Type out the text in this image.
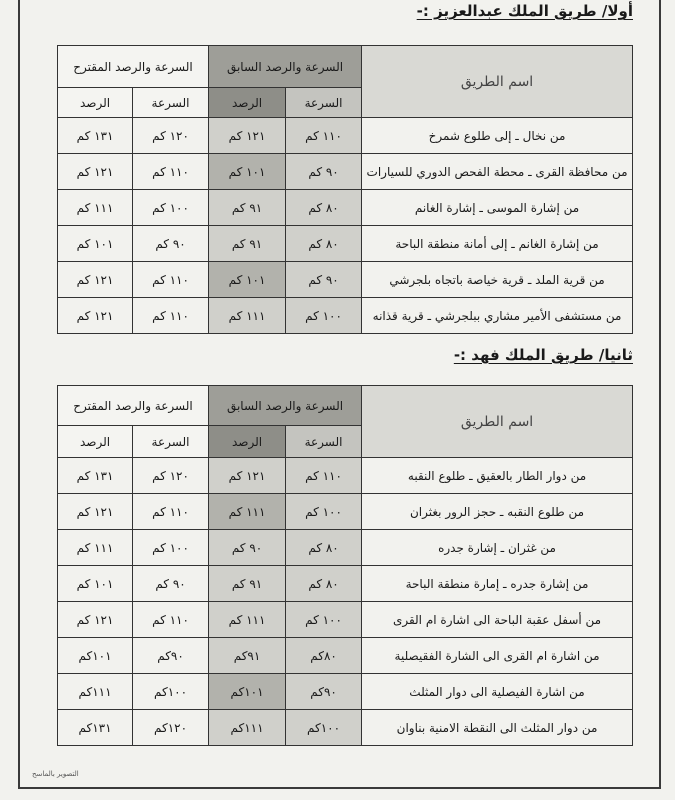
أولا/ طريق الملك عبدالعزيز :-
اسم الطريق	السرعة والرصد السابق		السرعة والرصد المقترح	
	السرعة	الرصد	السرعة	الرصد
من نخال ـ إلى طلوع شمرخ	١١٠ كم	١٢١ كم	١٢٠ كم	١٣١ كم
من محافظة القرى ـ محطة الفحص الدوري للسيارات	٩٠ كم	١٠١ كم	١١٠ كم	١٢١ كم
من إشارة الموسى ـ إشارة الغانم	٨٠ كم	٩١ كم	١٠٠ كم	١١١ كم
من إشارة الغانم ـ إلى أمانة منطقة الباحة	٨٠ كم	٩١ كم	٩٠ كم	١٠١ كم
من قرية الملد ـ قرية خياصة باتجاه بلجرشي	٩٠ كم	١٠١ كم	١١٠ كم	١٢١ كم
من مستشفى الأمير مشاري ببلجرشي ـ قرية قذانه	١٠٠ كم	١١١ كم	١١٠ كم	١٢١ كم
ثانيا/ طريق الملك فهد :-
اسم الطريق	السرعة والرصد السابق		السرعة والرصد المقترح	
	السرعة	الرصد	السرعة	الرصد
من دوار الطار بالعقيق ـ طلوع النقبه	١١٠ كم	١٢١ كم	١٢٠ كم	١٣١ كم
من طلوع النقبه ـ حجز الرور بغثران	١٠٠ كم	١١١ كم	١١٠ كم	١٢١ كم
من غثران ـ إشارة جدره	٨٠ كم	٩٠ كم	١٠٠ كم	١١١ كم
من إشارة جدره ـ إمارة منطقة الباحة	٨٠ كم	٩١ كم	٩٠ كم	١٠١ كم
من أسفل عقبة الباحة الى اشارة ام القرى	١٠٠ كم	١١١ كم	١١٠ كم	١٢١ كم
من اشارة ام القرى الى الشارة الفقيصلية	٨٠كم	٩١كم	٩٠كم	١٠١كم
من اشارة الفيصلية الى دوار المثلث	٩٠كم	١٠١كم	١٠٠كم	١١١كم
من دوار المثلث الى النقطة الامنية بناوان	١٠٠كم	١١١كم	١٢٠كم	١٣١كم
التصوير بالماسح
